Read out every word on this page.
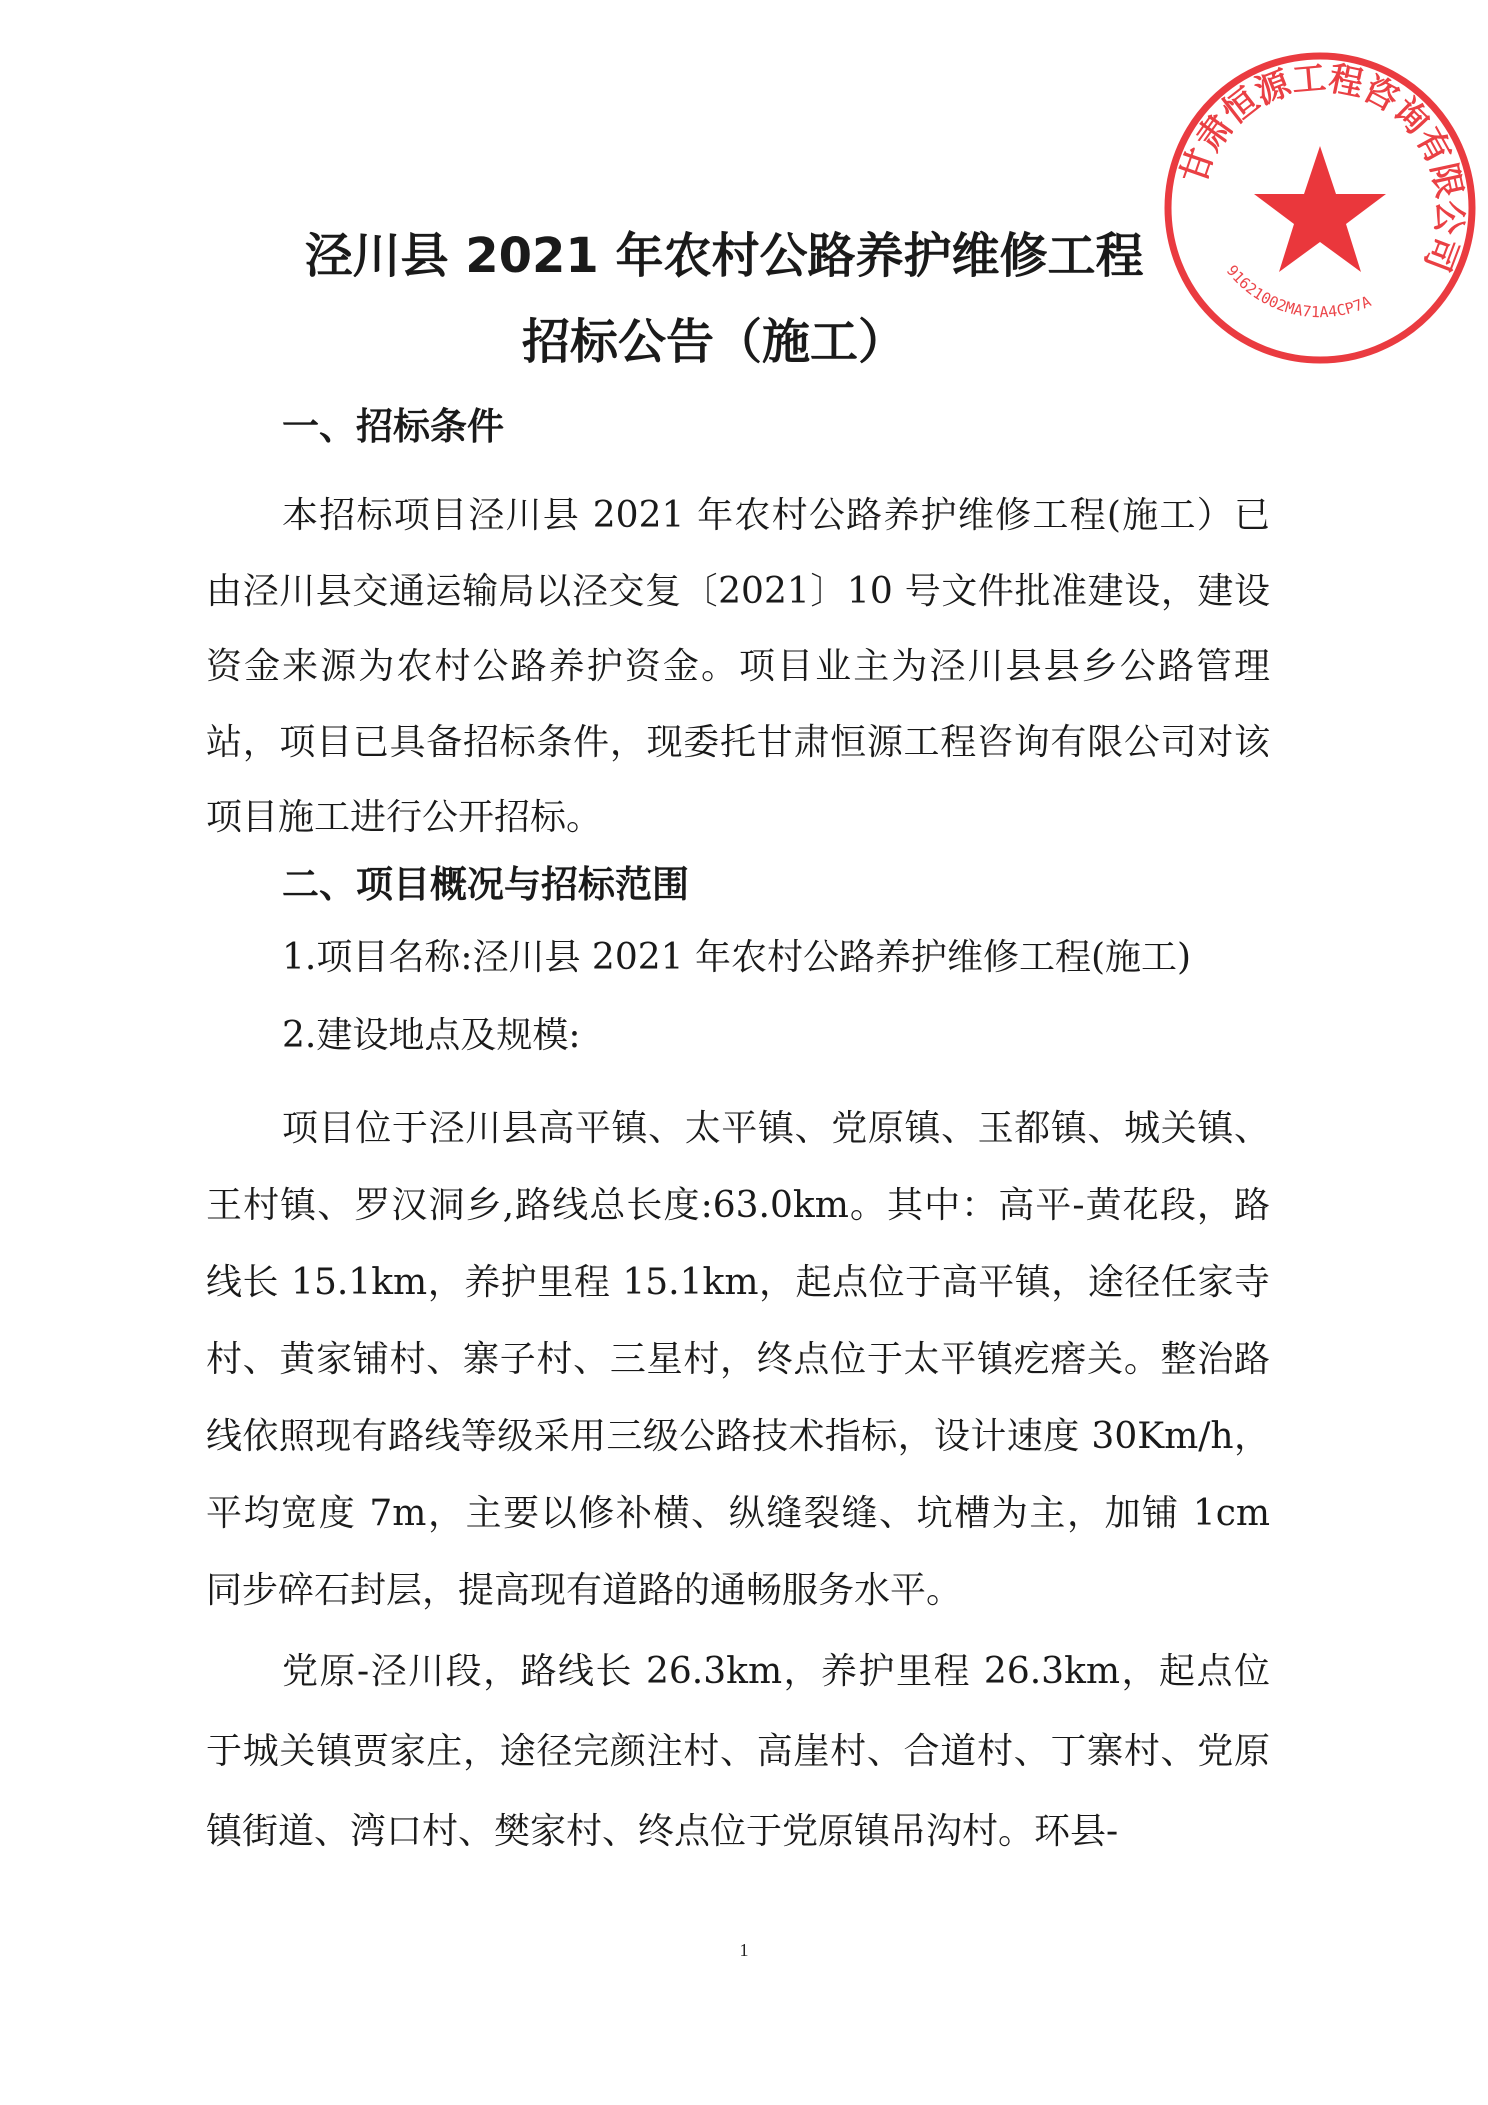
泾川县 2021 年农村公路养护维修工程
招标公告（施工）
一、招标条件
本招标项目泾川县 2021 年农村公路养护维修工程(施工）已由泾川县交通运输局以泾交复〔2021〕10 号文件批准建设，建设资金来源为农村公路养护资金。项目业主为泾川县县乡公路管理站，项目已具备招标条件，现委托甘肃恒源工程咨询有限公司对该项目施工进行公开招标。
二、项目概况与招标范围
1.项目名称:泾川县 2021 年农村公路养护维修工程(施工)
2.建设地点及规模:
项目位于泾川县高平镇、太平镇、党原镇、玉都镇、城关镇、王村镇、罗汉洞乡,路线总长度:63.0km。其中：高平-黄花段，路线长 15.1km，养护里程 15.1km，起点位于高平镇，途径任家寺村、黄家铺村、寨子村、三星村，终点位于太平镇疙瘩关。整治路线依照现有路线等级采用三级公路技术指标，设计速度 30Km/h，平均宽度 7m，主要以修补横、纵缝裂缝、坑槽为主，加铺 1cm 同步碎石封层，提高现有道路的通畅服务水平。
党原-泾川段，路线长 26.3km，养护里程 26.3km，起点位于城关镇贾家庄，途径完颜注村、高崖村、合道村、丁寨村、党原镇街道、湾口村、樊家村、终点位于党原镇吊沟村。环县-
1
甘肃恒源工程咨询有限公司
91621002MA71A4CP7A
